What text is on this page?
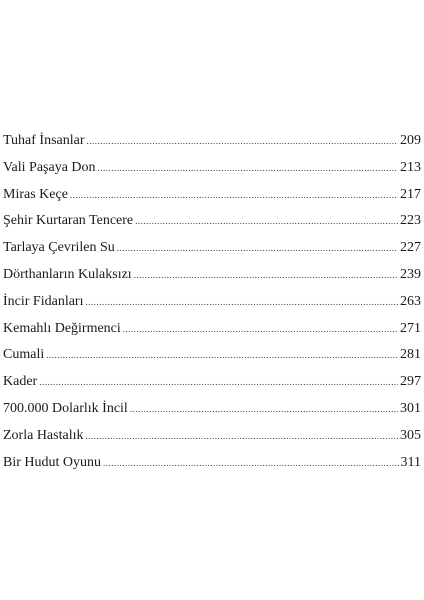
Tuhaf İnsanlar .....	209
Vali Paşaya Don .....	213
Miras Keçe .....	217
Şehir Kurtaran Tencere .....	223
Tarlaya Çevrilen Su .....	227
Dörthanların Kulaksızı .....	239
İncir Fidanları .....	263
Kemahlı Değirmenci .....	271
Cumali .....	281
Kader .....	297
700.000 Dolarlık İncil .....	301
Zorla Hastalık .....	305
Bir Hudut Oyunu .....	311
